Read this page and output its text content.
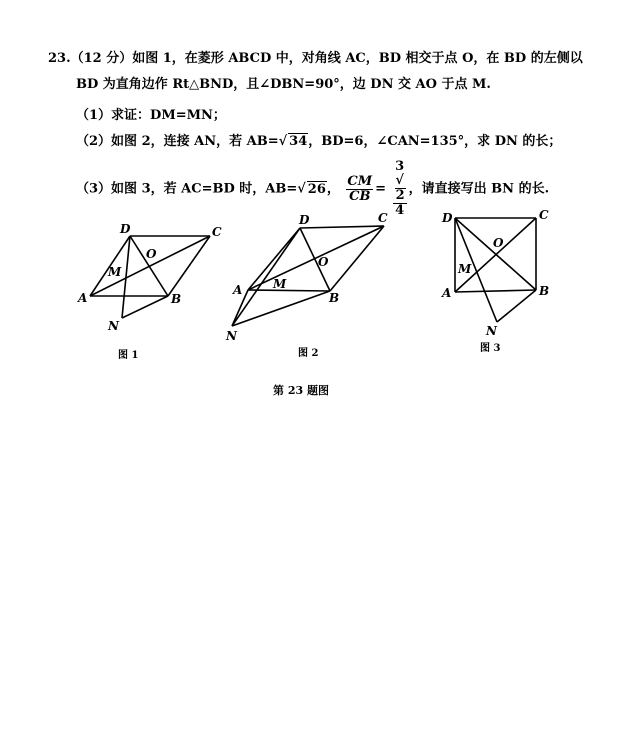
23.（12 分）如图 1，在菱形 ABCD 中，对角线 AC，BD 相交于点 O，在 BD 的左侧以
BD 为直角边作 Rt△BND，且∠DBN=90°，边 DN 交 AO 于点 M.
（1）求证：DM=MN；
（2）如图 2，连接 AN，若 AB=√ 34，BD=6，∠CAN=135°，求 DN 的长；
（3）如图 3，若 AC=BD 时，AB=√ 26， $\frac{CM}{CB} = 3$
√
2
4 ，请直接写出 BN 的长.
D	C
A	B
O
M
N
图 1
D	C
A
B
O
M
N
图 2
D	C
A	B
O
M
N
图 3
第 23 题图
